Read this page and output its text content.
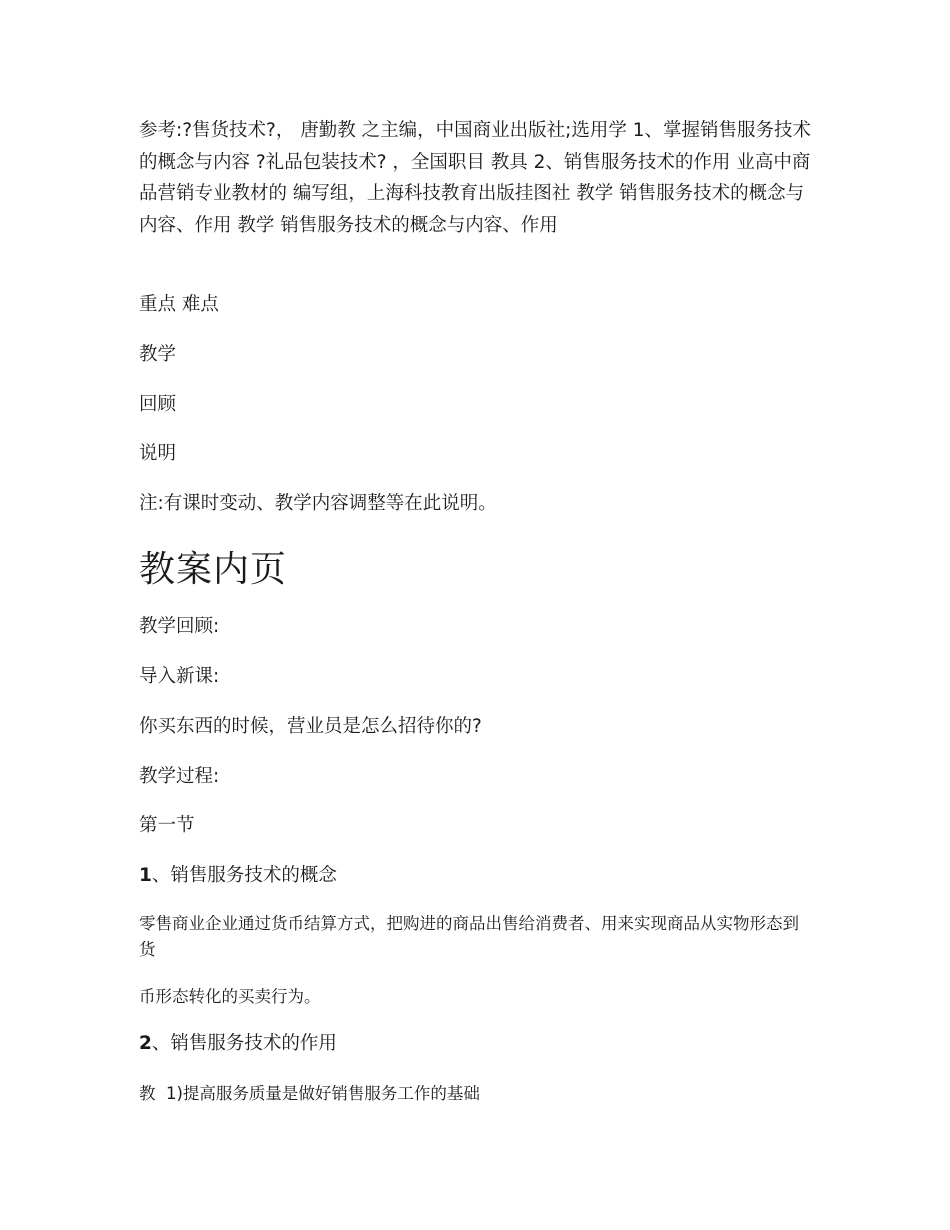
参考:?售货技术?， 唐勤教 之主编，中国商业出版社;选用学 1、掌握销售服务技术的概念与内容 ?礼品包装技术? ，全国职目 教具 2、销售服务技术的作用 业高中商品营销专业教材的 编写组，上海科技教育出版挂图社 教学 销售服务技术的概念与内容、作用 教学 销售服务技术的概念与内容、作用

重点 难点

教学

回顾

说明

注:有课时变动、教学内容调整等在此说明。

教案内页

教学回顾:

导入新课:

你买东西的时候，营业员是怎么招待你的?

教学过程:

第一节

1、销售服务技术的概念

零售商业企业通过货币结算方式，把购进的商品出售给消费者、用来实现商品从实物形态到货

币形态转化的买卖行为。

2、销售服务技术的作用

教  1)提高服务质量是做好销售服务工作的基础
